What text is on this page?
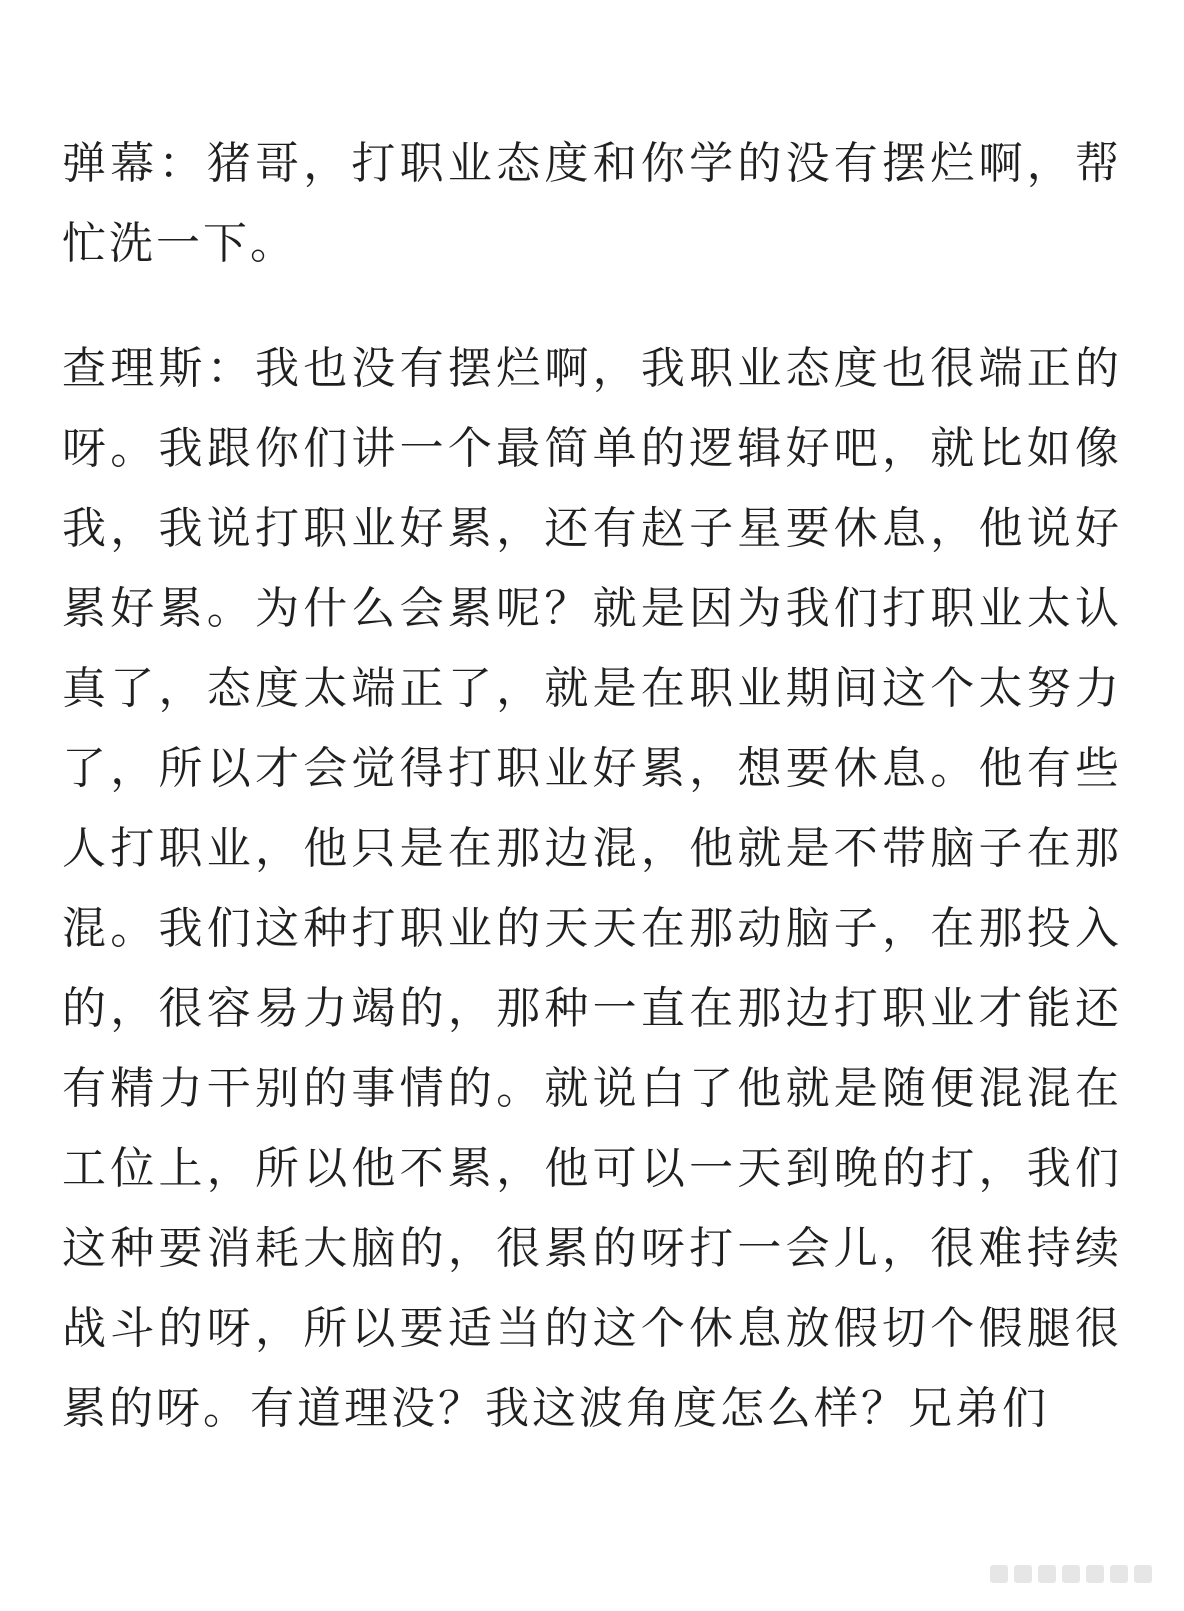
弹幕：猪哥，打职业态度和你学的没有摆烂啊，帮忙洗一下。

查理斯：我也没有摆烂啊，我职业态度也很端正的呀。我跟你们讲一个最简单的逻辑好吧，就比如像我，我说打职业好累，还有赵子星要休息，他说好累好累。为什么会累呢？就是因为我们打职业太认真了，态度太端正了，就是在职业期间这个太努力了，所以才会觉得打职业好累，想要休息。他有些人打职业，他只是在那边混，他就是不带脑子在那混。我们这种打职业的天天在那动脑子，在那投入的，很容易力竭的，那种一直在那边打职业才能还有精力干别的事情的。就说白了他就是随便混混在工位上，所以他不累，他可以一天到晚的打，我们这种要消耗大脑的，很累的呀打一会儿，很难持续战斗的呀，所以要适当的这个休息放假切个假腿很累的呀。有道理没？我这波角度怎么样？兄弟们
